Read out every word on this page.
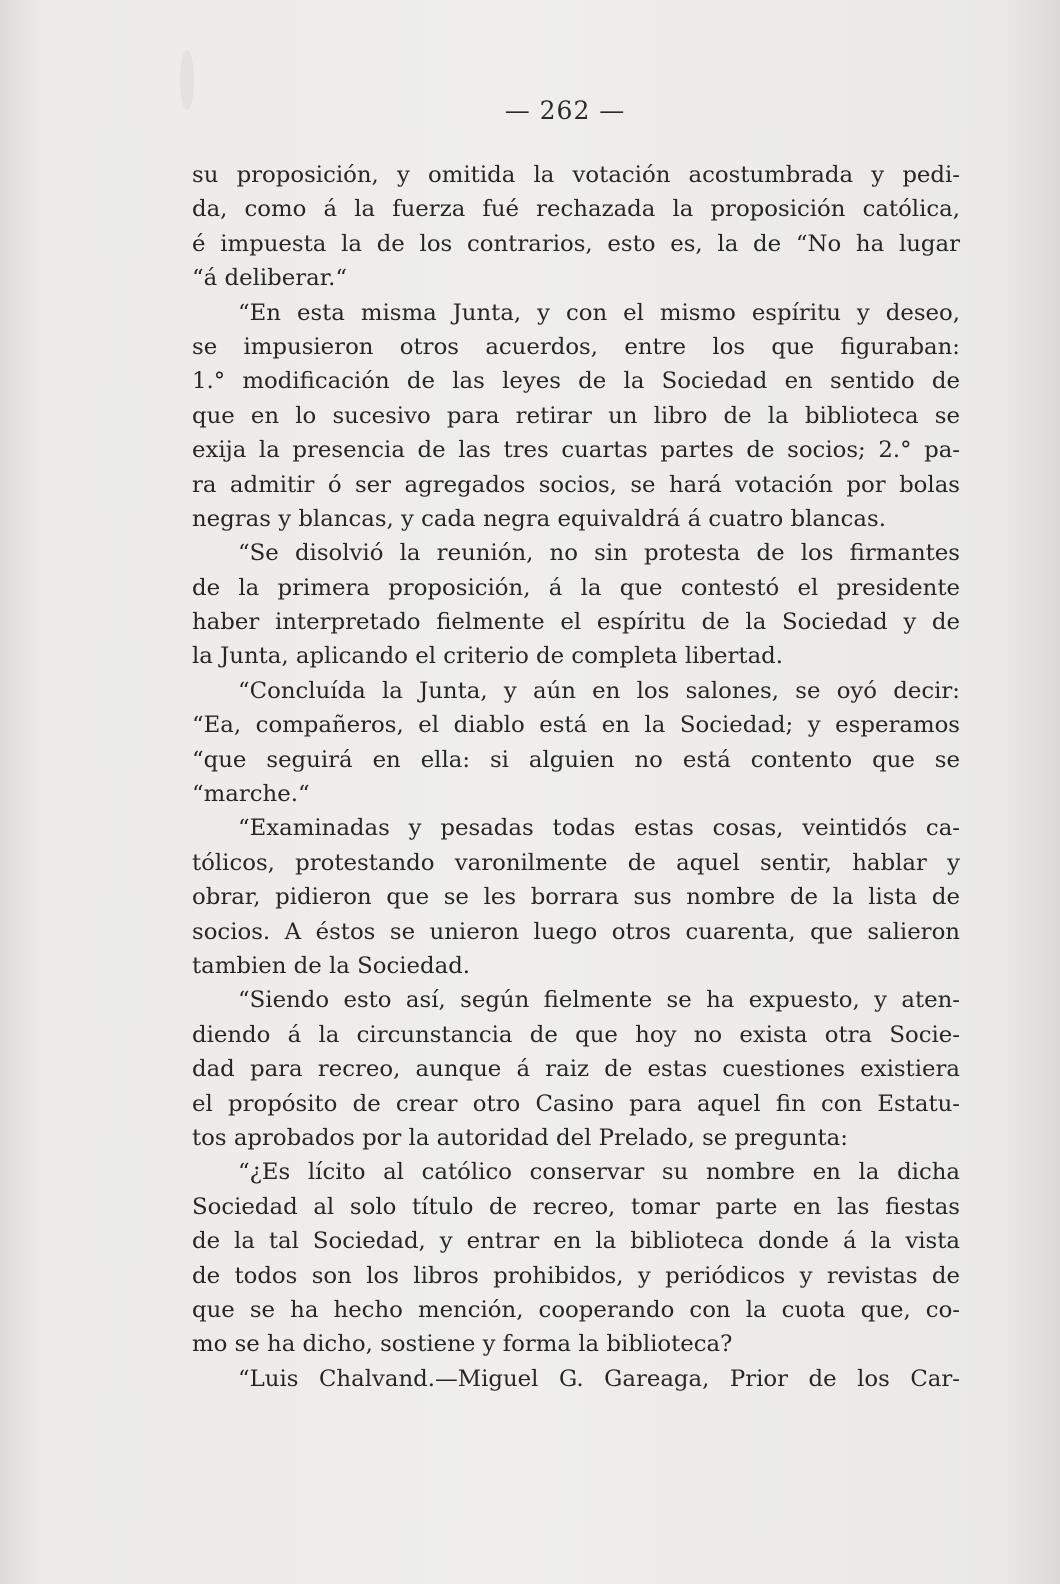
— 262 —
su proposición, y omitida la votación acostumbrada y pedi-
da, como á la fuerza fué rechazada la proposición católica,
é impuesta la de los contrarios, esto es, la de “No ha lugar
“á deliberar.“
“En esta misma Junta, y con el mismo espíritu y deseo,
se impusieron otros acuerdos, entre los que figuraban:
1.° modificación de las leyes de la Sociedad en sentido de
que en lo sucesivo para retirar un libro de la biblioteca se
exija la presencia de las tres cuartas partes de socios; 2.° pa-
ra admitir ó ser agregados socios, se hará votación por bolas
negras y blancas, y cada negra equivaldrá á cuatro blancas.
“Se disolvió la reunión, no sin protesta de los firmantes
de la primera proposición, á la que contestó el presidente
haber interpretado fielmente el espíritu de la Sociedad y de
la Junta, aplicando el criterio de completa libertad.
“Concluída la Junta, y aún en los salones, se oyó decir:
“Ea, compañeros, el diablo está en la Sociedad; y esperamos
“que seguirá en ella: si alguien no está contento que se
“marche.“
“Examinadas y pesadas todas estas cosas, veintidós ca-
tólicos, protestando varonilmente de aquel sentir, hablar y
obrar, pidieron que se les borrara sus nombre de la lista de
socios. A éstos se unieron luego otros cuarenta, que salieron
tambien de la Sociedad.
“Siendo esto así, según fielmente se ha expuesto, y aten-
diendo á la circunstancia de que hoy no exista otra Socie-
dad para recreo, aunque á raiz de estas cuestiones existiera
el propósito de crear otro Casino para aquel fin con Estatu-
tos aprobados por la autoridad del Prelado, se pregunta:
“¿Es lícito al católico conservar su nombre en la dicha
Sociedad al solo título de recreo, tomar parte en las fiestas
de la tal Sociedad, y entrar en la biblioteca donde á la vista
de todos son los libros prohibidos, y periódicos y revistas de
que se ha hecho mención, cooperando con la cuota que, co-
mo se ha dicho, sostiene y forma la biblioteca?
“Luis Chalvand.—Miguel G. Gareaga, Prior de los Car-
